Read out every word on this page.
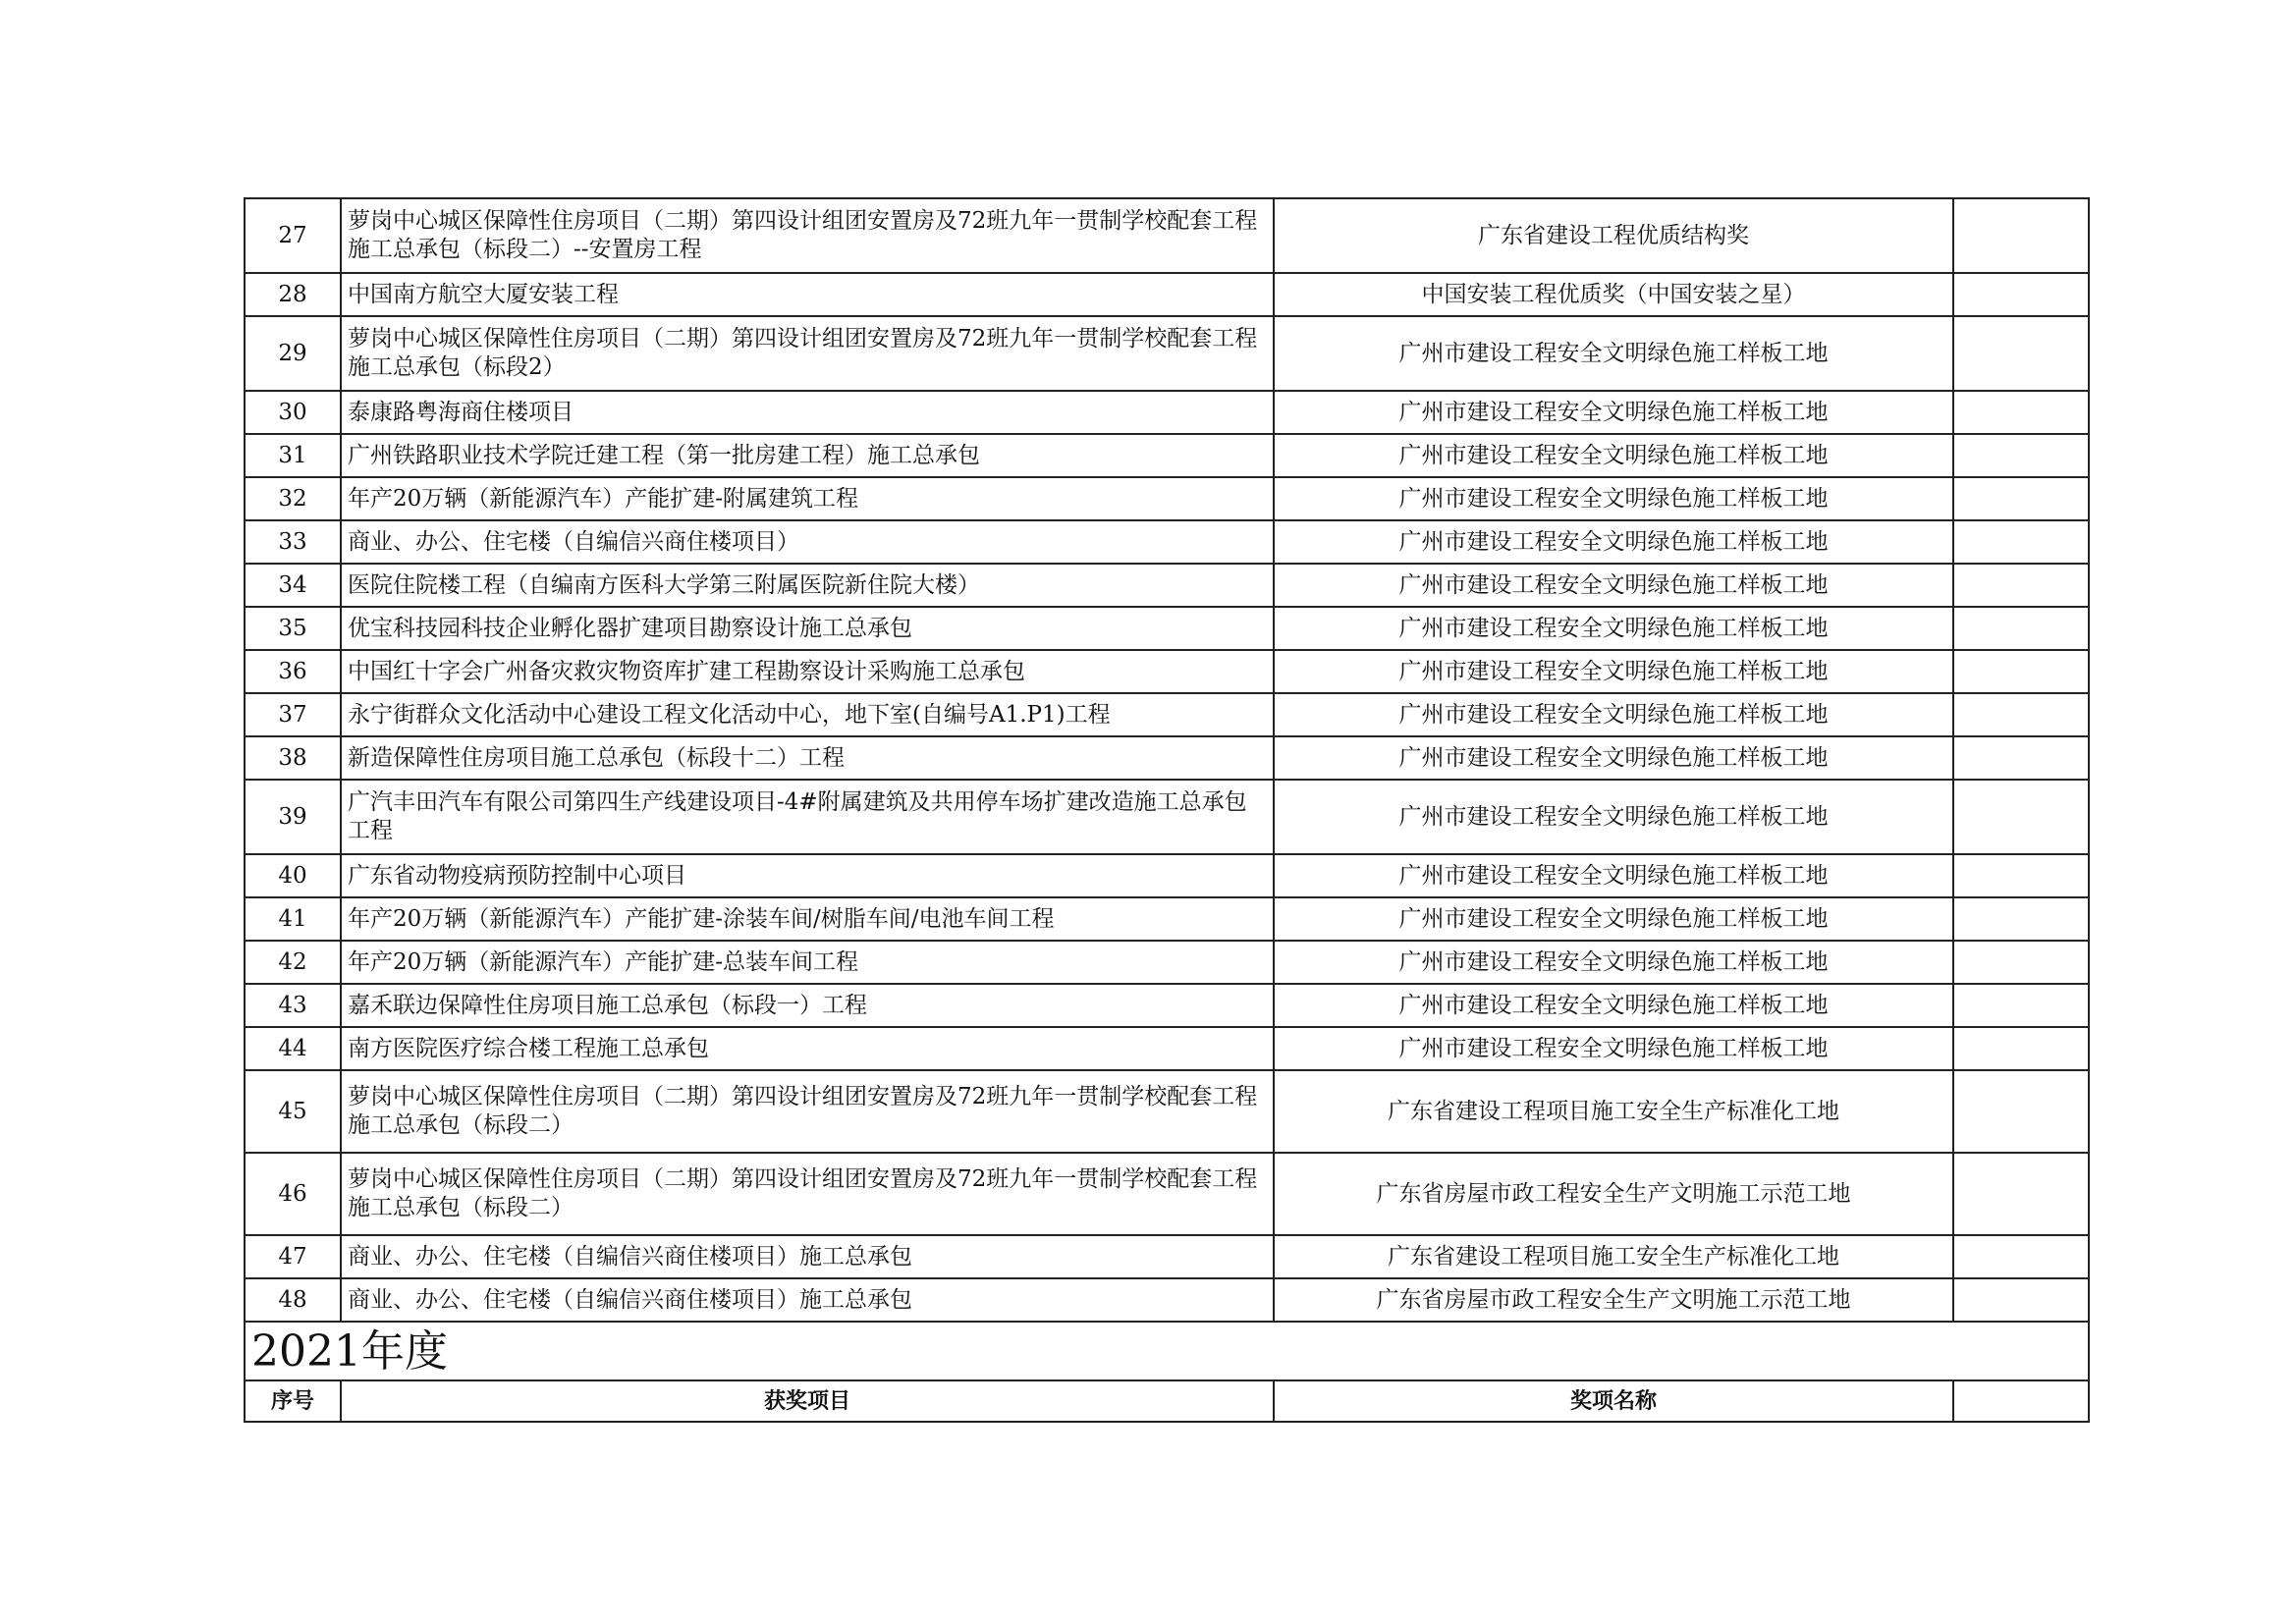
27	萝岗中心城区保障性住房项目（二期）第四设计组团安置房及72班九年一贯制学校配套工程施工总承包（标段二）--安置房工程	广东省建设工程优质结构奖	
28	中国南方航空大厦安装工程	中国安装工程优质奖（中国安装之星）	
29	萝岗中心城区保障性住房项目（二期）第四设计组团安置房及72班九年一贯制学校配套工程施工总承包（标段2）	广州市建设工程安全文明绿色施工样板工地	
30	泰康路粤海商住楼项目	广州市建设工程安全文明绿色施工样板工地	
31	广州铁路职业技术学院迁建工程（第一批房建工程）施工总承包	广州市建设工程安全文明绿色施工样板工地	
32	年产20万辆（新能源汽车）产能扩建-附属建筑工程	广州市建设工程安全文明绿色施工样板工地	
33	商业、办公、住宅楼（自编信兴商住楼项目）	广州市建设工程安全文明绿色施工样板工地	
34	医院住院楼工程（自编南方医科大学第三附属医院新住院大楼）	广州市建设工程安全文明绿色施工样板工地	
35	优宝科技园科技企业孵化器扩建项目勘察设计施工总承包	广州市建设工程安全文明绿色施工样板工地	
36	中国红十字会广州备灾救灾物资库扩建工程勘察设计采购施工总承包	广州市建设工程安全文明绿色施工样板工地	
37	永宁街群众文化活动中心建设工程文化活动中心，地下室(自编号A1.P1)工程	广州市建设工程安全文明绿色施工样板工地	
38	新造保障性住房项目施工总承包（标段十二）工程	广州市建设工程安全文明绿色施工样板工地	
39	广汽丰田汽车有限公司第四生产线建设项目-4#附属建筑及共用停车场扩建改造施工总承包工程	广州市建设工程安全文明绿色施工样板工地	
40	广东省动物疫病预防控制中心项目	广州市建设工程安全文明绿色施工样板工地	
41	年产20万辆（新能源汽车）产能扩建-涂装车间/树脂车间/电池车间工程	广州市建设工程安全文明绿色施工样板工地	
42	年产20万辆（新能源汽车）产能扩建-总装车间工程	广州市建设工程安全文明绿色施工样板工地	
43	嘉禾联边保障性住房项目施工总承包（标段一）工程	广州市建设工程安全文明绿色施工样板工地	
44	南方医院医疗综合楼工程施工总承包	广州市建设工程安全文明绿色施工样板工地	
45	萝岗中心城区保障性住房项目（二期）第四设计组团安置房及72班九年一贯制学校配套工程施工总承包（标段二）	广东省建设工程项目施工安全生产标准化工地	
46	萝岗中心城区保障性住房项目（二期）第四设计组团安置房及72班九年一贯制学校配套工程施工总承包（标段二）	广东省房屋市政工程安全生产文明施工示范工地	
47	商业、办公、住宅楼（自编信兴商住楼项目）施工总承包	广东省建设工程项目施工安全生产标准化工地	
48	商业、办公、住宅楼（自编信兴商住楼项目）施工总承包	广东省房屋市政工程安全生产文明施工示范工地	
2021年度			
序号	获奖项目	奖项名称	
